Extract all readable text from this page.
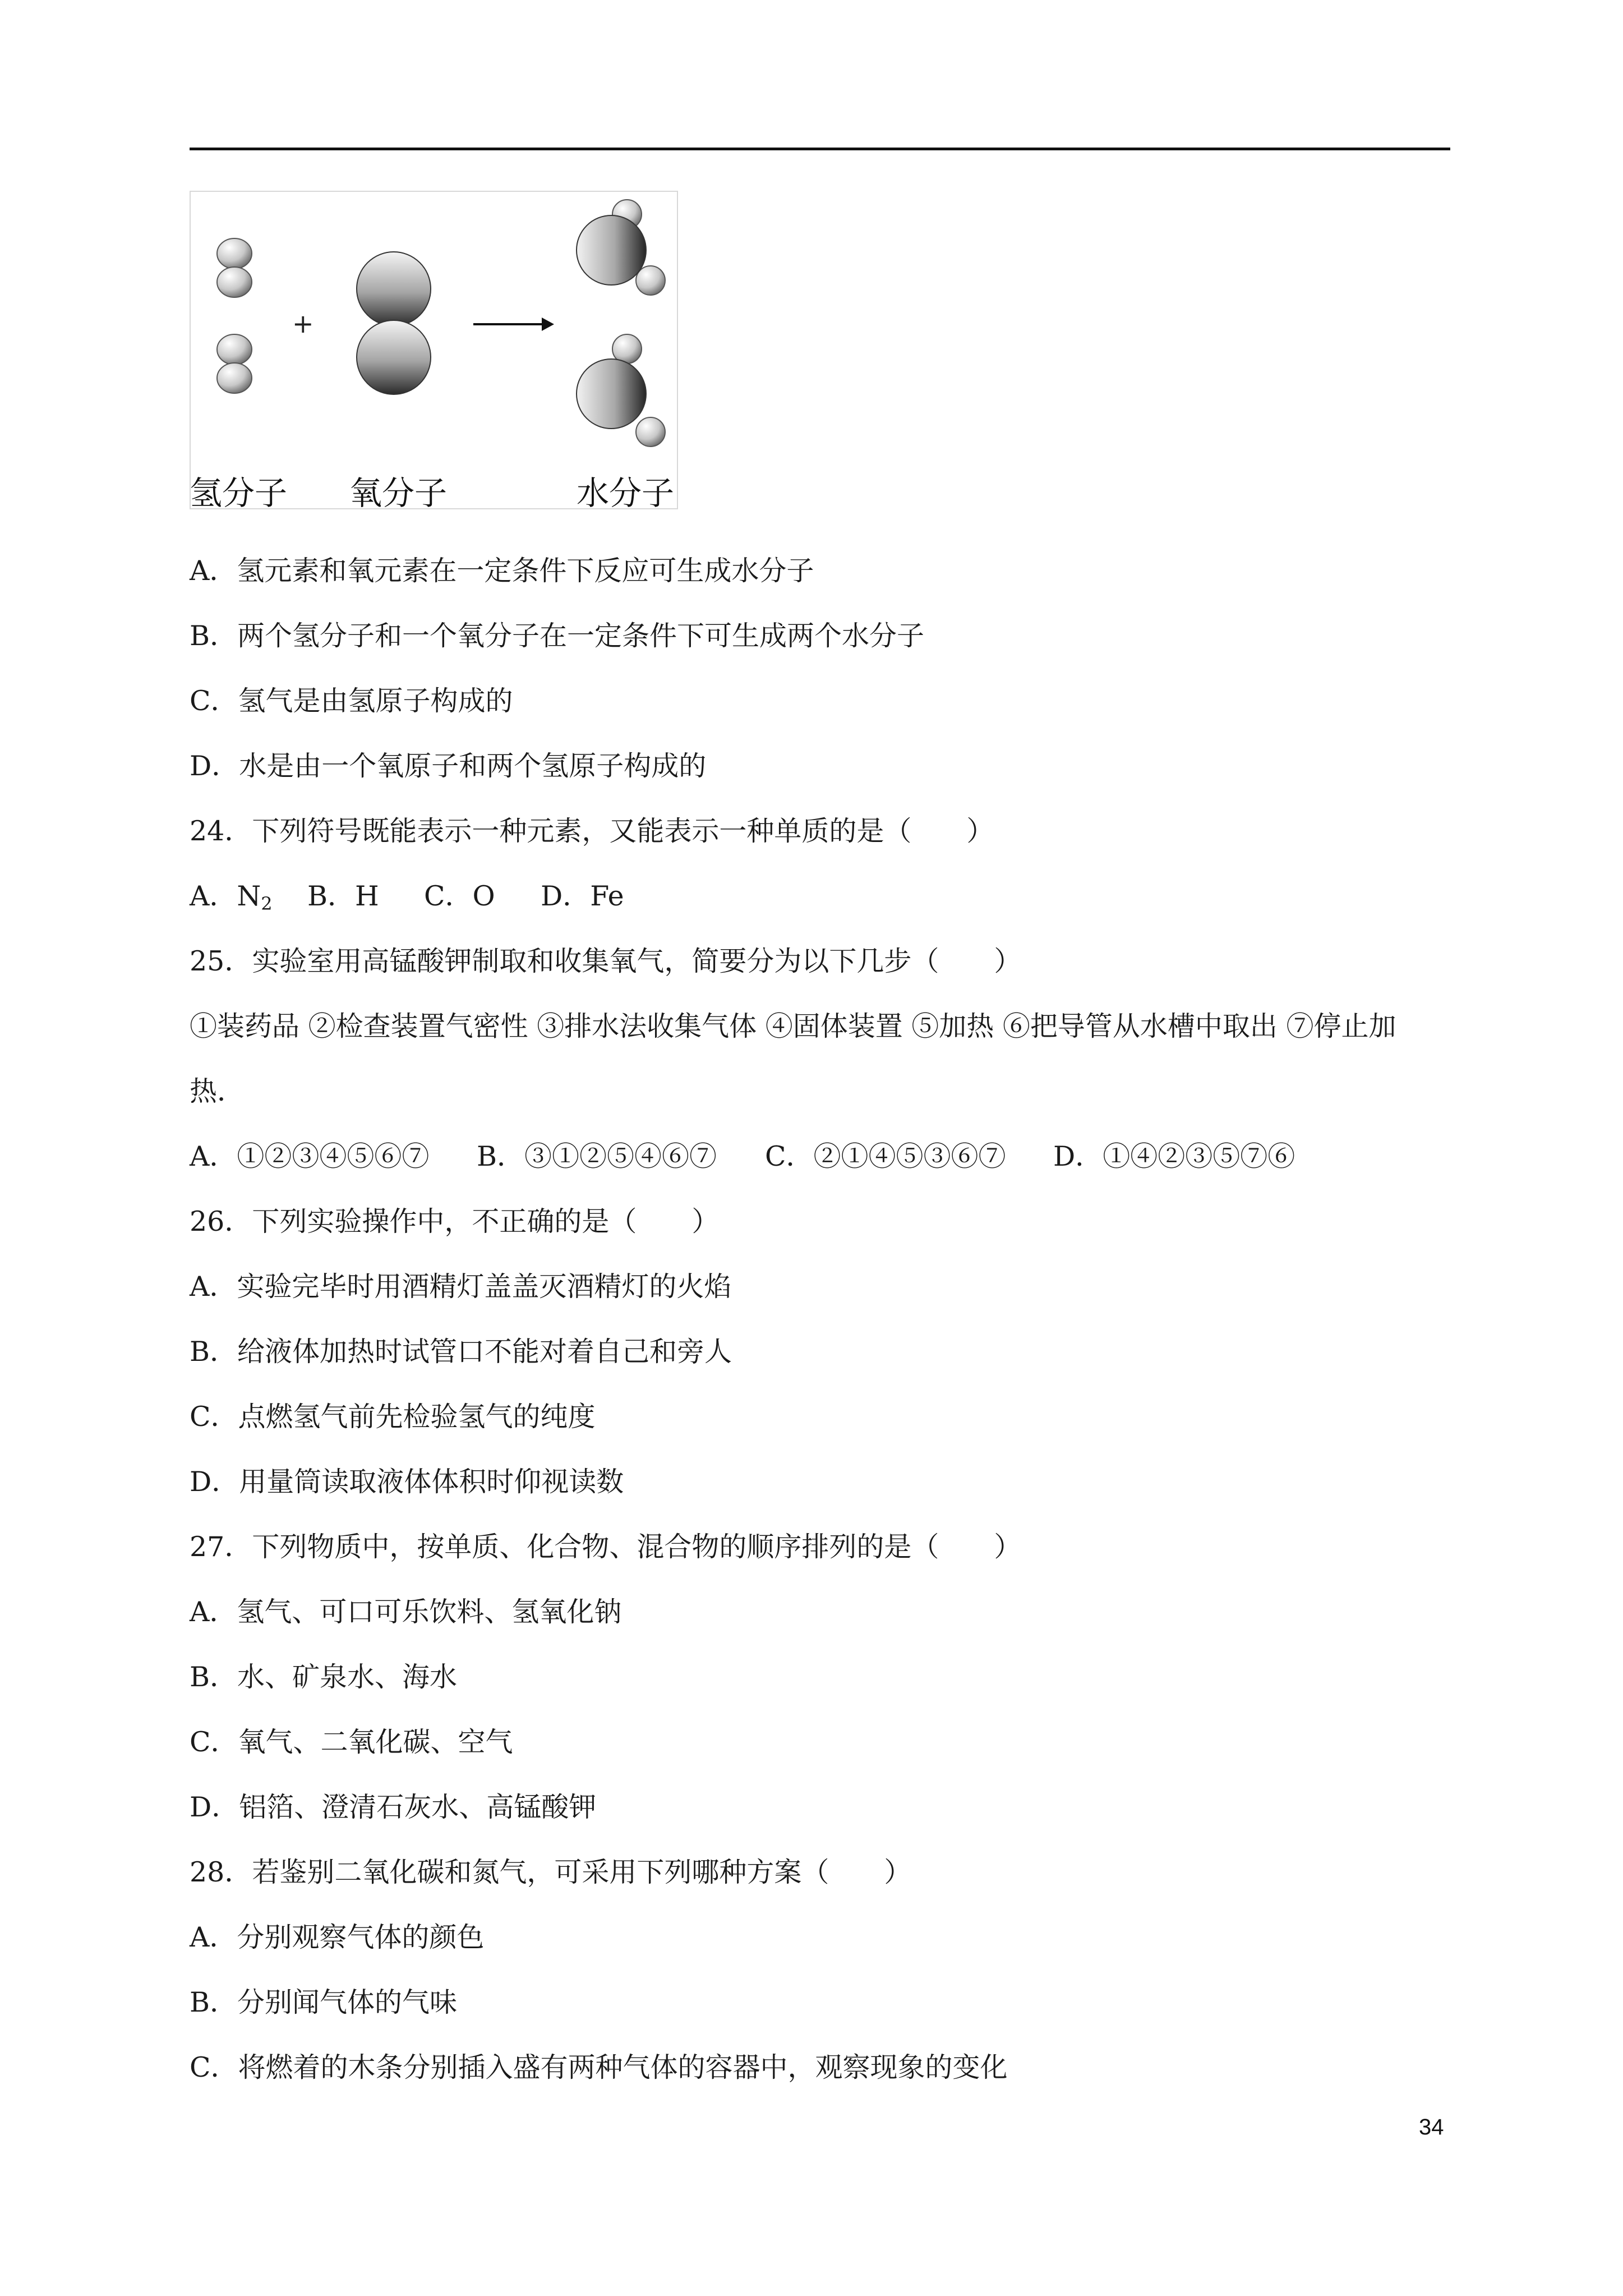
+
氢分子 氧分子	水分子
A．氢元素和氧元素在一定条件下反应可生成水分子
B．两个氢分子和一个氧分子在一定条件下可生成两个水分子
C．氢气是由氢原子构成的
D．水是由一个氧原子和两个氢原子构成的
24．下列符号既能表示一种元素，又能表示一种单质的是（　　）
A．$N_2$ B．H C．O D．Fe
25．实验室用高锰酸钾制取和收集氧气，简要分为以下几步（　　）
①装药品 ②检查装置气密性 ③排水法收集气体 ④固体装置 ⑤加热 ⑥把导管从水槽中取出 ⑦停止加
热．
A．①②③④⑤⑥⑦ B．③①②⑤④⑥⑦ C．②①④⑤③⑥⑦ D．①④②③⑤⑦⑥
26．下列实验操作中，不正确的是（　　）
A．实验完毕时用酒精灯盖盖灭酒精灯的火焰
B．给液体加热时试管口不能对着自己和旁人
C．点燃氢气前先检验氢气的纯度
D．用量筒读取液体体积时仰视读数
27．下列物质中，按单质、化合物、混合物的顺序排列的是（　　）
A．氢气、可口可乐饮料、氢氧化钠
B．水、矿泉水、海水
C．氧气、二氧化碳、空气
D．铝箔、澄清石灰水、高锰酸钾
28．若鉴别二氧化碳和氮气，可采用下列哪种方案（　　）
A．分别观察气体的颜色
B．分别闻气体的气味
C．将燃着的木条分别插入盛有两种气体的容器中，观察现象的变化
34
